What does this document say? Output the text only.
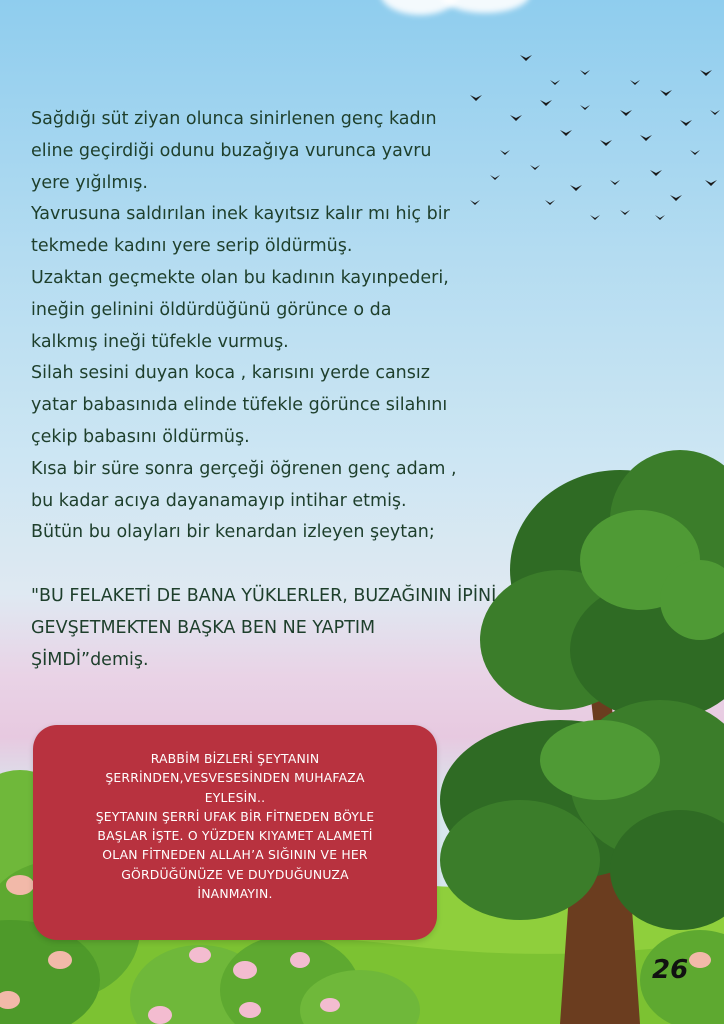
Sağdığı süt ziyan olunca sinirlenen genç kadın

eline geçirdiği odunu buzağıya vurunca yavru

yere yığılmış.

Yavrusuna saldırılan inek kayıtsız kalır mı hiç bir

tekmede kadını yere serip öldürmüş.

Uzaktan geçmekte olan bu kadının kayınpederi,

ineğin gelinini öldürdüğünü görünce o da

kalkmış ineği tüfekle vurmuş.

Silah sesini duyan koca , karısını yerde cansız

yatar babasınıda elinde tüfekle görünce silahını

çekip babasını öldürmüş.

Kısa bir süre sonra gerçeği öğrenen genç adam ,

bu kadar acıya dayanamayıp intihar etmiş.

Bütün bu olayları bir kenardan izleyen şeytan;

"BU FELAKETİ DE BANA YÜKLERLER, BUZAĞININ İPİNİ

GEVŞETMEKTEN BAŞKA BEN NE YAPTIM

ŞİMDİ”demiş.

RABBİM BİZLERİ ŞEYTANIN
ŞERRİNDEN,VESVESESİNDEN MUHAFAZA
EYLESİN..
ŞEYTANIN ŞERRİ UFAK BİR FİTNEDEN BÖYLE
BAŞLAR İŞTE. O YÜZDEN KIYAMET ALAMETİ
OLAN FİTNEDEN ALLAH’A SIĞININ VE HER
GÖRDÜĞÜNÜZE VE DUYDUĞUNUZA
İNANMAYIN.
26
